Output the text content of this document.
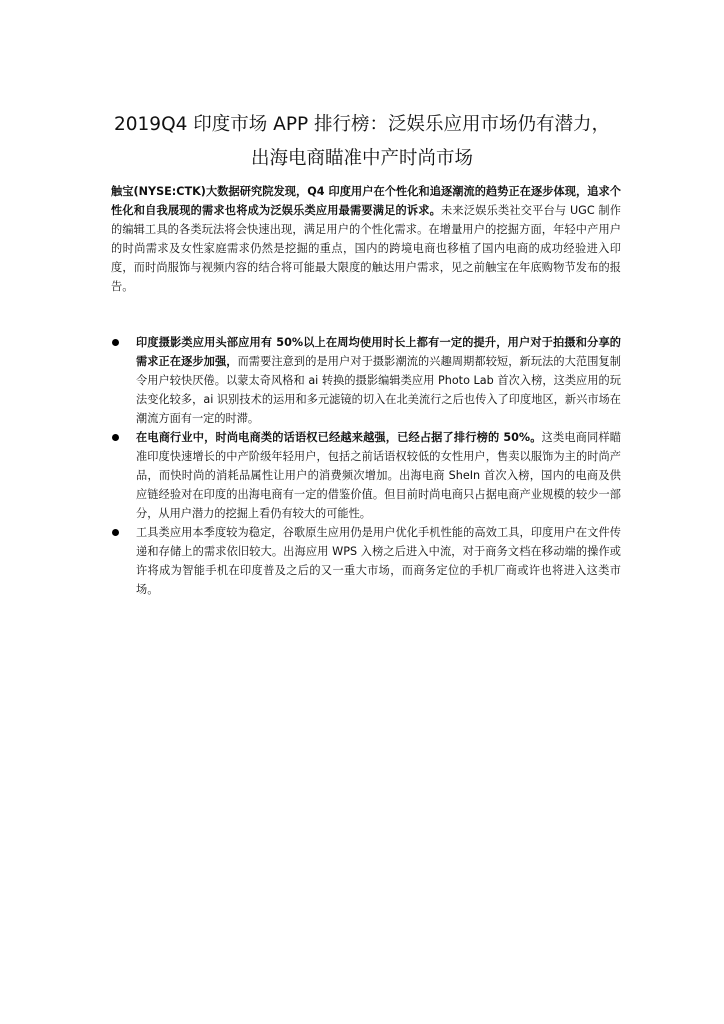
2019Q4 印度市场 APP 排行榜：泛娱乐应用市场仍有潜力，
出海电商瞄准中产时尚市场

触宝(NYSE:CTK)大数据研究院发现，Q4 印度用户在个性化和追逐潮流的趋势正在逐步体现，追求个性化和自我展现的需求也将成为泛娱乐类应用最需要满足的诉求。未来泛娱乐类社交平台与 UGC 制作的编辑工具的各类玩法将会快速出现，满足用户的个性化需求。在增量用户的挖掘方面，年轻中产用户的时尚需求及女性家庭需求仍然是挖掘的重点，国内的跨境电商也移植了国内电商的成功经验进入印度，而时尚服饰与视频内容的结合将可能最大限度的触达用户需求，见之前触宝在年底购物节发布的报告。

印度摄影类应用头部应用有 50%以上在周均使用时长上都有一定的提升，用户对于拍摄和分享的需求正在逐步加强，而需要注意到的是用户对于摄影潮流的兴趣周期都较短，新玩法的大范围复制令用户较快厌倦。以蒙太奇风格和 ai 转换的摄影编辑类应用 Photo Lab 首次入榜，这类应用的玩法变化较多，ai 识别技术的运用和多元滤镜的切入在北美流行之后也传入了印度地区，新兴市场在潮流方面有一定的时滞。
在电商行业中，时尚电商类的话语权已经越来越强，已经占据了排行榜的 50%。这类电商同样瞄准印度快速增长的中产阶级年轻用户，包括之前话语权较低的女性用户，售卖以服饰为主的时尚产品，而快时尚的消耗品属性让用户的消费频次增加。出海电商 SheIn 首次入榜，国内的电商及供应链经验对在印度的出海电商有一定的借鉴价值。但目前时尚电商只占据电商产业规模的较少一部分，从用户潜力的挖掘上看仍有较大的可能性。
工具类应用本季度较为稳定，谷歌原生应用仍是用户优化手机性能的高效工具，印度用户在文件传递和存储上的需求依旧较大。出海应用 WPS 入榜之后进入中流，对于商务文档在移动端的操作或许将成为智能手机在印度普及之后的又一重大市场，而商务定位的手机厂商或许也将进入这类市场。
